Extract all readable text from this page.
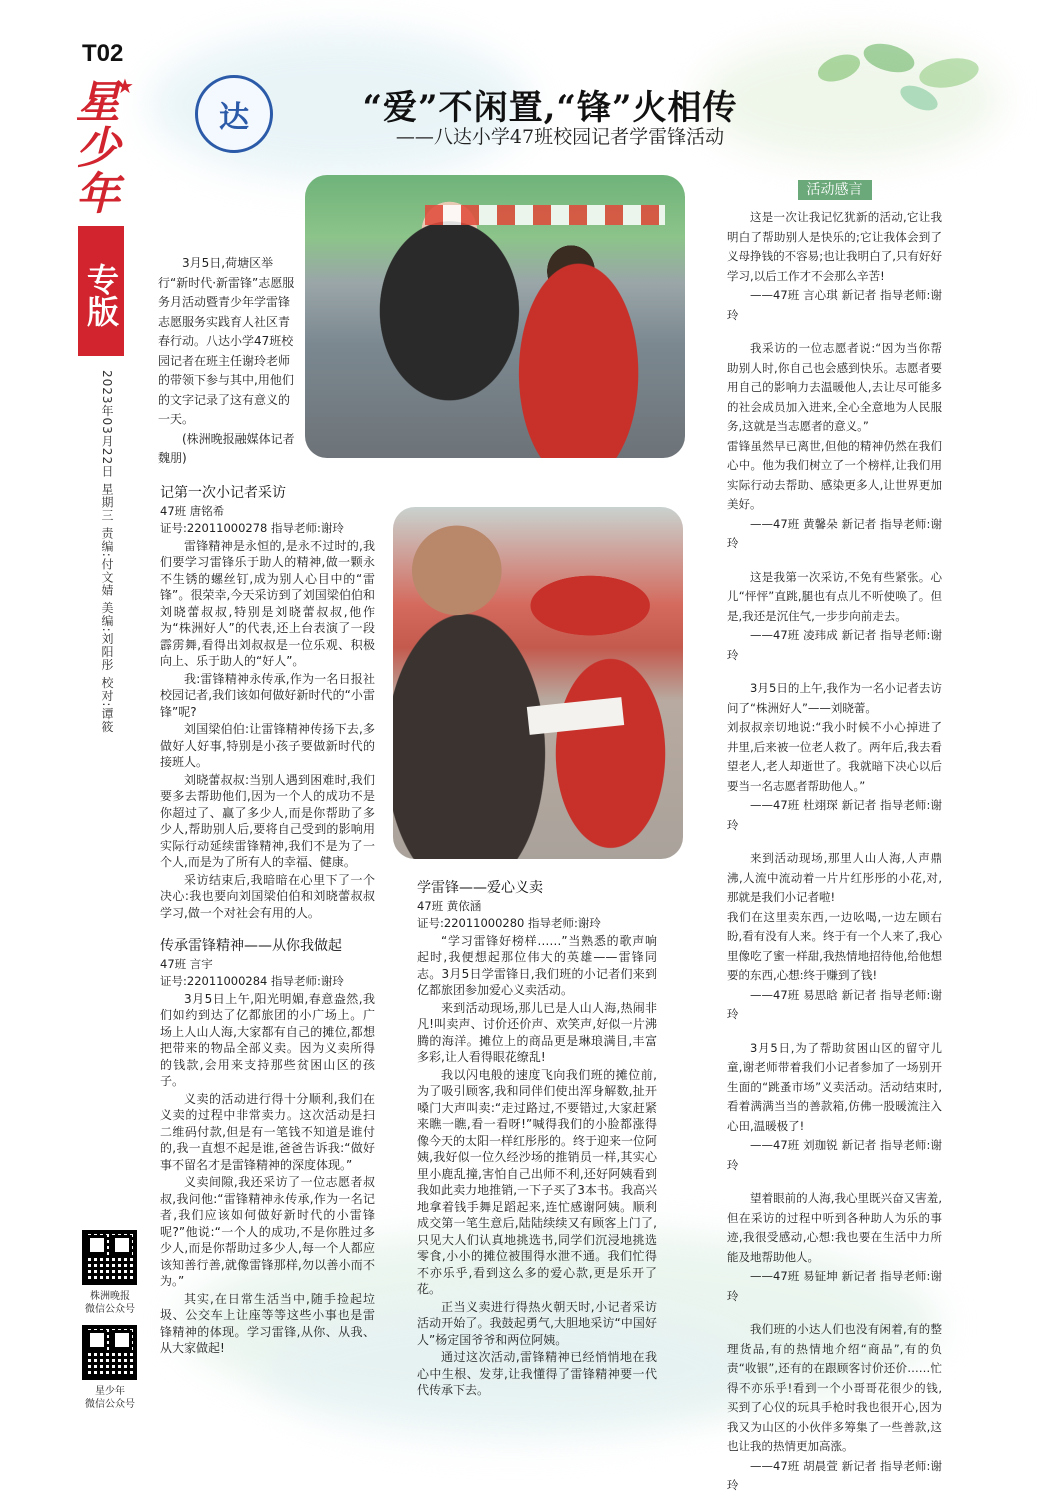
T02
星
★
少
年
专版
2023年03月22日 星期三 责编:付文婧 美编:刘阳彤 校对:谭筱
株洲晚报
微信公众号
星少年
微信公众号
达	“爱”不闲置,“锋”火相传
——八达小学47班校园记者学雷锋活动

3月5日,荷塘区举行“新时代·新雷锋”志愿服务月活动暨青少年学雷锋志愿服务实践育人社区青春行动。八达小学47班校园记者在班主任谢玲老师的带领下参与其中,用他们的文字记录了这有意义的一天。

(株洲晚报融媒体记者 魏朋)

记第一次小记者采访

47班 唐铭希

证号:22011000278 指导老师:谢玲

雷锋精神是永恒的,是永不过时的,我们要学习雷锋乐于助人的精神,做一颗永不生锈的螺丝钉,成为别人心目中的“雷锋”。很荣幸,今天采访到了刘国梁伯伯和刘晓蕾叔叔,特别是刘晓蕾叔叔,他作为“株洲好人”的代表,还上台表演了一段霹雳舞,看得出刘叔叔是一位乐观、积极向上、乐于助人的“好人”。

我:雷锋精神永传承,作为一名日报社校园记者,我们该如何做好新时代的“小雷锋”呢?

刘国梁伯伯:让雷锋精神传扬下去,多做好人好事,特别是小孩子要做新时代的接班人。

刘晓蕾叔叔:当别人遇到困难时,我们要多去帮助他们,因为一个人的成功不是你超过了、赢了多少人,而是你帮助了多少人,帮助别人后,要将自己受到的影响用实际行动延续雷锋精神,我们不是为了一个人,而是为了所有人的幸福、健康。

采访结束后,我暗暗在心里下了一个决心:我也要向刘国梁伯伯和刘晓蕾叔叔学习,做一个对社会有用的人。

传承雷锋精神——从你我做起

47班 言宇

证号:22011000284 指导老师:谢玲

3月5日上午,阳光明媚,春意盎然,我们如约到达了亿都旅团的小广场上。广场上人山人海,大家都有自己的摊位,都想把带来的物品全部义卖。因为义卖所得的钱款,会用来支持那些贫困山区的孩子。

义卖的活动进行得十分顺利,我们在义卖的过程中非常卖力。这次活动是扫二维码付款,但是有一笔钱不知道是谁付的,我一直想不起是谁,爸爸告诉我:“做好事不留名才是雷锋精神的深度体现。”

义卖间隙,我还采访了一位志愿者叔叔,我问他:“雷锋精神永传承,作为一名记者,我们应该如何做好新时代的小雷锋呢?”他说:“一个人的成功,不是你胜过多少人,而是你帮助过多少人,每一个人都应该知善行善,就像雷锋那样,勿以善小而不为。”

其实,在日常生活当中,随手捡起垃圾、公交车上让座等等这些小事也是雷锋精神的体现。学习雷锋,从你、从我、从大家做起!

学雷锋——爱心义卖

47班 黄依涵

证号:22011000280 指导老师:谢玲

“学习雷锋好榜样……”当熟悉的歌声响起时,我便想起那位伟大的英雄——雷锋同志。3月5日学雷锋日,我们班的小记者们来到亿都旅团参加爱心义卖活动。

来到活动现场,那儿已是人山人海,热闹非凡!叫卖声、讨价还价声、欢笑声,好似一片沸腾的海洋。摊位上的商品更是琳琅满目,丰富多彩,让人看得眼花缭乱!

我以闪电般的速度飞向我们班的摊位前,为了吸引顾客,我和同伴们使出浑身解数,扯开嗓门大声叫卖:“走过路过,不要错过,大家赶紧来瞧一瞧,看一看呀!”喊得我们的小脸都涨得像今天的太阳一样红彤彤的。终于迎来一位阿姨,我好似一位久经沙场的推销员一样,其实心里小鹿乱撞,害怕自己出师不利,还好阿姨看到我如此卖力地推销,一下子买了3本书。我高兴地拿着钱手舞足蹈起来,连忙感谢阿姨。顺利成交第一笔生意后,陆陆续续又有顾客上门了,只见大人们认真地挑选书,同学们沉浸地挑选零食,小小的摊位被围得水泄不通。我们忙得不亦乐乎,看到这么多的爱心款,更是乐开了花。

正当义卖进行得热火朝天时,小记者采访活动开始了。我鼓起勇气,大胆地采访“中国好人”杨定国爷爷和两位阿姨。

通过这次活动,雷锋精神已经悄悄地在我心中生根、发芽,让我懂得了雷锋精神要一代代传承下去。

活动感言

这是一次让我记忆犹新的活动,它让我明白了帮助别人是快乐的;它让我体会到了义母挣钱的不容易;也让我明白了,只有好好学习,以后工作才不会那么辛苦!

——47班 言心琪 新记者 指导老师:谢玲

我采访的一位志愿者说:“因为当你帮助别人时,你自己也会感到快乐。志愿者要用自己的影响力去温暖他人,去让尽可能多的社会成员加入进来,全心全意地为人民服务,这就是当志愿者的意义。”
雷锋虽然早已离世,但他的精神仍然在我们心中。他为我们树立了一个榜样,让我们用实际行动去帮助、感染更多人,让世界更加美好。

——47班 黄馨朵 新记者 指导老师:谢玲

这是我第一次采访,不免有些紧张。心儿“怦怦”直跳,腿也有点儿不听使唤了。但是,我还是沉住气,一步步向前走去。

——47班 凌玮成 新记者 指导老师:谢玲

3月5日的上午,我作为一名小记者去访问了“株洲好人”——刘晓蕾。
刘叔叔亲切地说:“我小时候不小心掉进了井里,后来被一位老人救了。两年后,我去看望老人,老人却逝世了。我就暗下决心以后要当一名志愿者帮助他人。”

——47班 杜翊琛 新记者 指导老师:谢玲

来到活动现场,那里人山人海,人声鼎沸,人流中流动着一片片红彤彤的小花,对,那就是我们小记者啦!
我们在这里卖东西,一边吆喝,一边左顾右盼,看有没有人来。终于有一个人来了,我心里像吃了蜜一样甜,我热情地招待他,给他想要的东西,心想:终于赚到了钱!

——47班 易思晗 新记者 指导老师:谢玲

3月5日,为了帮助贫困山区的留守儿童,谢老师带着我们小记者参加了一场别开生面的“跳蚤市场”义卖活动。活动结束时,看着满满当当的善款箱,仿佛一股暖流注入心田,温暖极了!

——47班 刘珈锐 新记者 指导老师:谢玲

望着眼前的人海,我心里既兴奋又害羞,但在采访的过程中听到各种助人为乐的事迹,我很受感动,心想:我也要在生活中力所能及地帮助他人。

——47班 易钲坤 新记者 指导老师:谢玲

我们班的小达人们也没有闲着,有的整理货品,有的热情地介绍“商品”,有的负责“收银”,还有的在跟顾客讨价还价……忙得不亦乐乎!看到一个小哥哥花很少的钱,买到了心仪的玩具手枪时我也很开心,因为我又为山区的小伙伴多筹集了一些善款,这也让我的热情更加高涨。

——47班 胡晨萱 新记者 指导老师:谢玲
